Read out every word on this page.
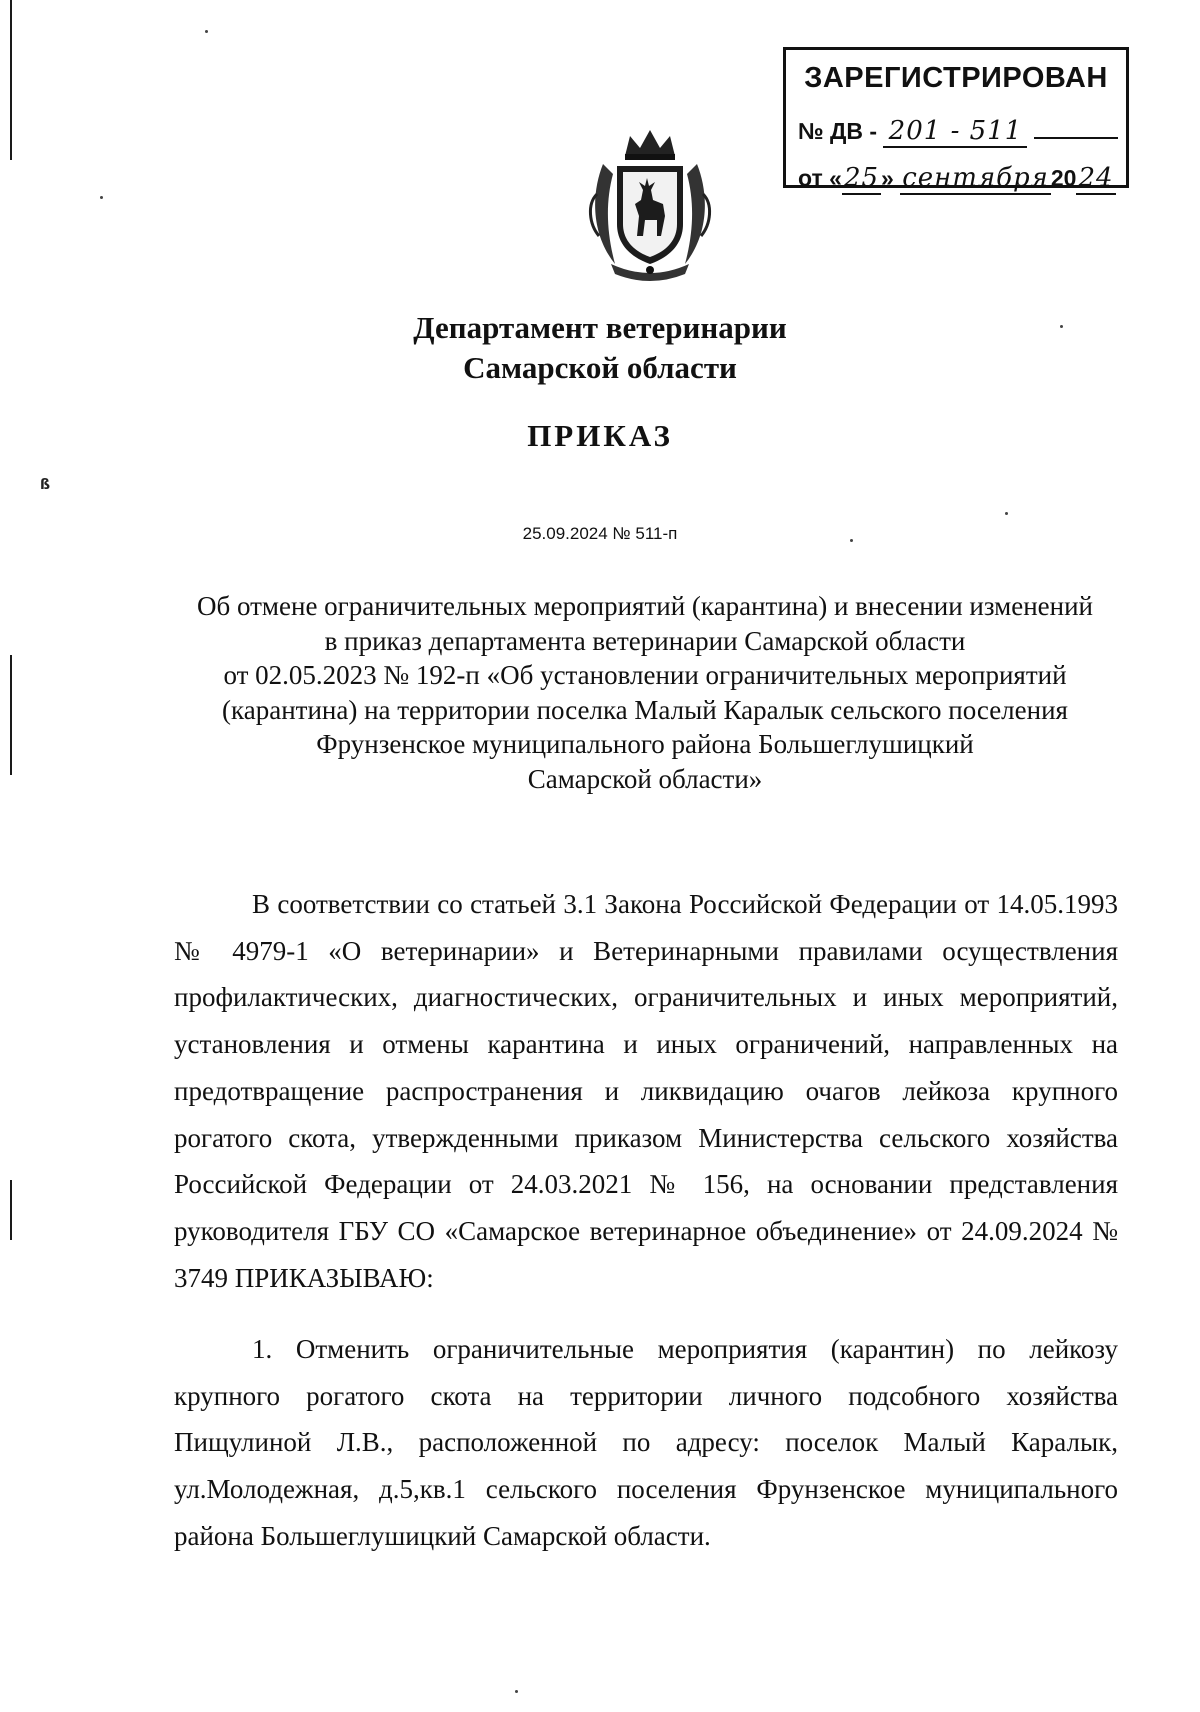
ß
ЗАРЕГИСТРИРОВАН
№ ДВ - 201 - 511
от «25» сентября2024
Департамент ветеринарии
Самарской области
ПРИКАЗ
25.09.2024 № 511-п
Об отмене ограничительных мероприятий (карантина) и внесении изменений
в приказ департамента ветеринарии Самарской области
от 02.05.2023 № 192-п «Об установлении ограничительных мероприятий
(карантина) на территории поселка Малый Каралык сельского поселения
Фрунзенское муниципального района Большеглушицкий
Самарской области»
В соответствии со статьей 3.1 Закона Российской Федерации от 14.05.1993 № 4979-1 «О ветеринарии» и Ветеринарными правилами осуществления профилактических, диагностических, ограничительных и иных мероприятий, установления и отмены карантина и иных ограничений, направленных на предотвращение распространения и ликвидацию очагов лейкоза крупного рогатого скота, утвержденными приказом Министерства сельского хозяйства Российской Федерации от 24.03.2021 № 156, на основании представления руководителя ГБУ СО «Самарское ветеринарное объединение» от 24.09.2024 № 3749 ПРИКАЗЫВАЮ:
1. Отменить ограничительные мероприятия (карантин) по лейкозу крупного рогатого скота на территории личного подсобного хозяйства Пищулиной Л.В., расположенной по адресу: поселок Малый Каралык, ул.Молодежная, д.5,кв.1 сельского поселения Фрунзенское муниципального района Большеглушицкий Самарской области.
